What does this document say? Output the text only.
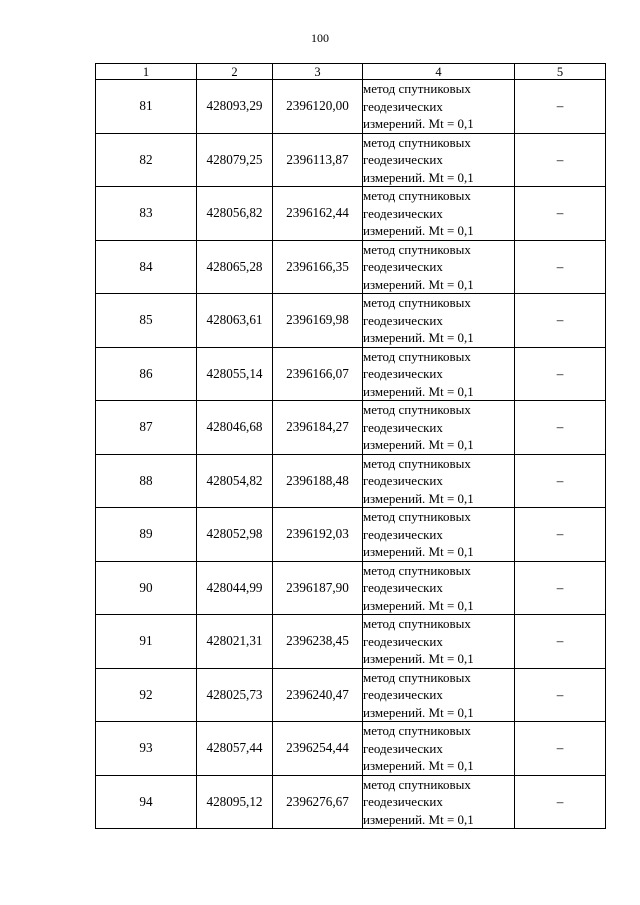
100
1	2	3	4	5
81	428093,29	2396120,00	метод спутниковых
геодезических
измерений. Mt = 0,1	–
82	428079,25	2396113,87	метод спутниковых
геодезических
измерений. Mt = 0,1	–
83	428056,82	2396162,44	метод спутниковых
геодезических
измерений. Mt = 0,1	–
84	428065,28	2396166,35	метод спутниковых
геодезических
измерений. Mt = 0,1	–
85	428063,61	2396169,98	метод спутниковых
геодезических
измерений. Mt = 0,1	–
86	428055,14	2396166,07	метод спутниковых
геодезических
измерений. Mt = 0,1	–
87	428046,68	2396184,27	метод спутниковых
геодезических
измерений. Mt = 0,1	–
88	428054,82	2396188,48	метод спутниковых
геодезических
измерений. Mt = 0,1	–
89	428052,98	2396192,03	метод спутниковых
геодезических
измерений. Mt = 0,1	–
90	428044,99	2396187,90	метод спутниковых
геодезических
измерений. Mt = 0,1	–
91	428021,31	2396238,45	метод спутниковых
геодезических
измерений. Mt = 0,1	–
92	428025,73	2396240,47	метод спутниковых
геодезических
измерений. Mt = 0,1	–
93	428057,44	2396254,44	метод спутниковых
геодезических
измерений. Mt = 0,1	–
94	428095,12	2396276,67	метод спутниковых
геодезических
измерений. Mt = 0,1	–
